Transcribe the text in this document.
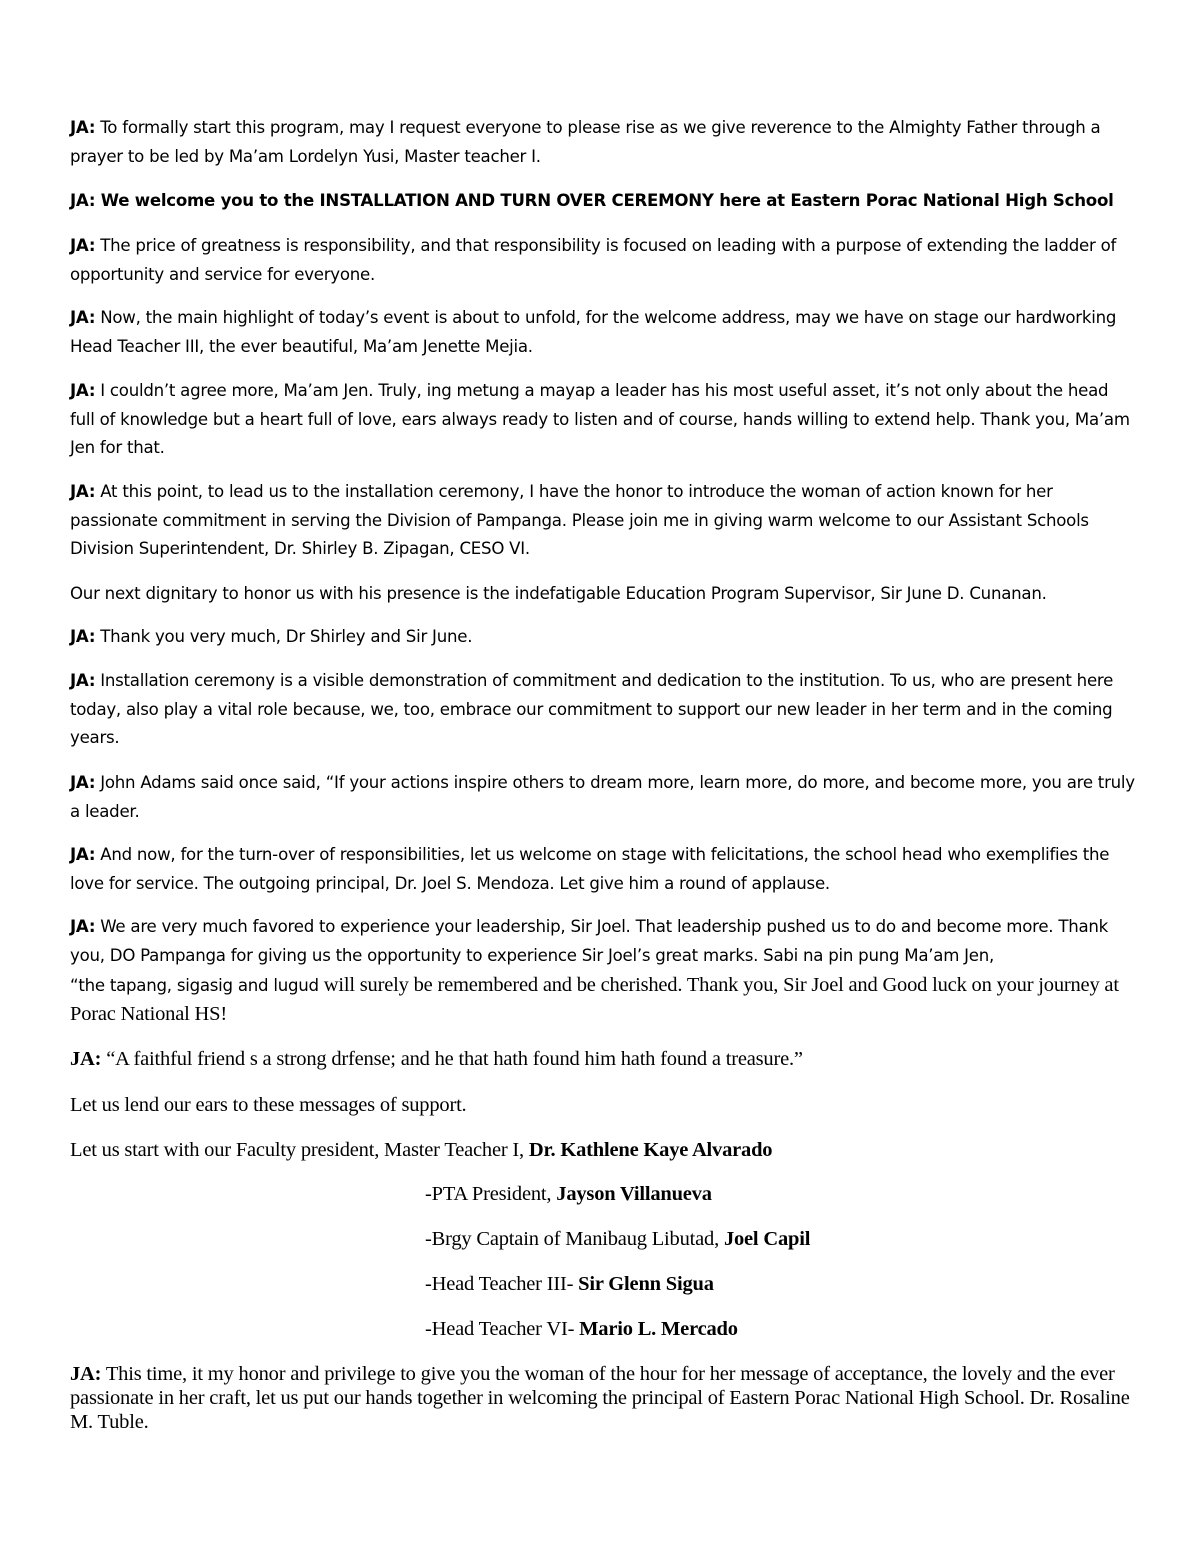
JA: To formally start this program, may I request everyone to please rise as we give reverence to the Almighty Father through a prayer to be led by Ma’am Lordelyn Yusi, Master teacher I.

JA: We welcome you to the INSTALLATION AND TURN OVER CEREMONY here at Eastern Porac National High School

JA: The price of greatness is responsibility, and that responsibility is focused on leading with a purpose of extending the ladder of opportunity and service for everyone.

JA: Now, the main highlight of today’s event is about to unfold, for the welcome address, may we have on stage our hardworking Head Teacher III, the ever beautiful, Ma’am Jenette Mejia.

JA: I couldn’t agree more, Ma’am Jen. Truly, ing metung a mayap a leader has his most useful asset, it’s not only about the head full of knowledge but a heart full of love, ears always ready to listen and of course, hands willing to extend help. Thank you, Ma’am Jen for that.

JA: At this point, to lead us to the installation ceremony, I have the honor to introduce the woman of action known for her passionate commitment in serving the Division of Pampanga. Please join me in giving warm welcome to our Assistant Schools Division Superintendent, Dr. Shirley B. Zipagan, CESO VI.

Our next dignitary to honor us with his presence is the indefatigable Education Program Supervisor, Sir June D. Cunanan.

JA: Thank you very much, Dr Shirley and Sir June.

JA: Installation ceremony is a visible demonstration of commitment and dedication to the institution. To us, who are present here today, also play a vital role because, we, too, embrace our commitment to support our new leader in her term and in the coming years.

JA: John Adams said once said, “If your actions inspire others to dream more, learn more, do more, and become more, you are truly a leader.

JA: And now, for the turn-over of responsibilities, let us welcome on stage with felicitations, the school head who exemplifies the love for service. The outgoing principal, Dr. Joel S. Mendoza. Let give him a round of applause.

JA: We are very much favored to experience your leadership, Sir Joel. That leadership pushed us to do and become more. Thank you, DO Pampanga for giving us the opportunity to experience Sir Joel’s great marks. Sabi na pin pung Ma’am Jen,

“the tapang, sigasig and lugud will surely be remembered and be cherished. Thank you, Sir Joel and Good luck on your journey at Porac National HS!

JA: “A faithful friend s a strong drfense; and he that hath found him hath found a treasure.”

Let us lend our ears to these messages of support.

Let us start with our Faculty president, Master Teacher I, Dr. Kathlene Kaye Alvarado

-PTA President, Jayson Villanueva

-Brgy Captain of Manibaug Libutad, Joel Capil

-Head Teacher III- Sir Glenn Sigua

-Head Teacher VI- Mario L. Mercado

JA: This time, it my honor and privilege to give you the woman of the hour for her message of acceptance, the lovely and the ever passionate in her craft, let us put our hands together in welcoming the principal of Eastern Porac National High School. Dr. Rosaline M. Tuble.
